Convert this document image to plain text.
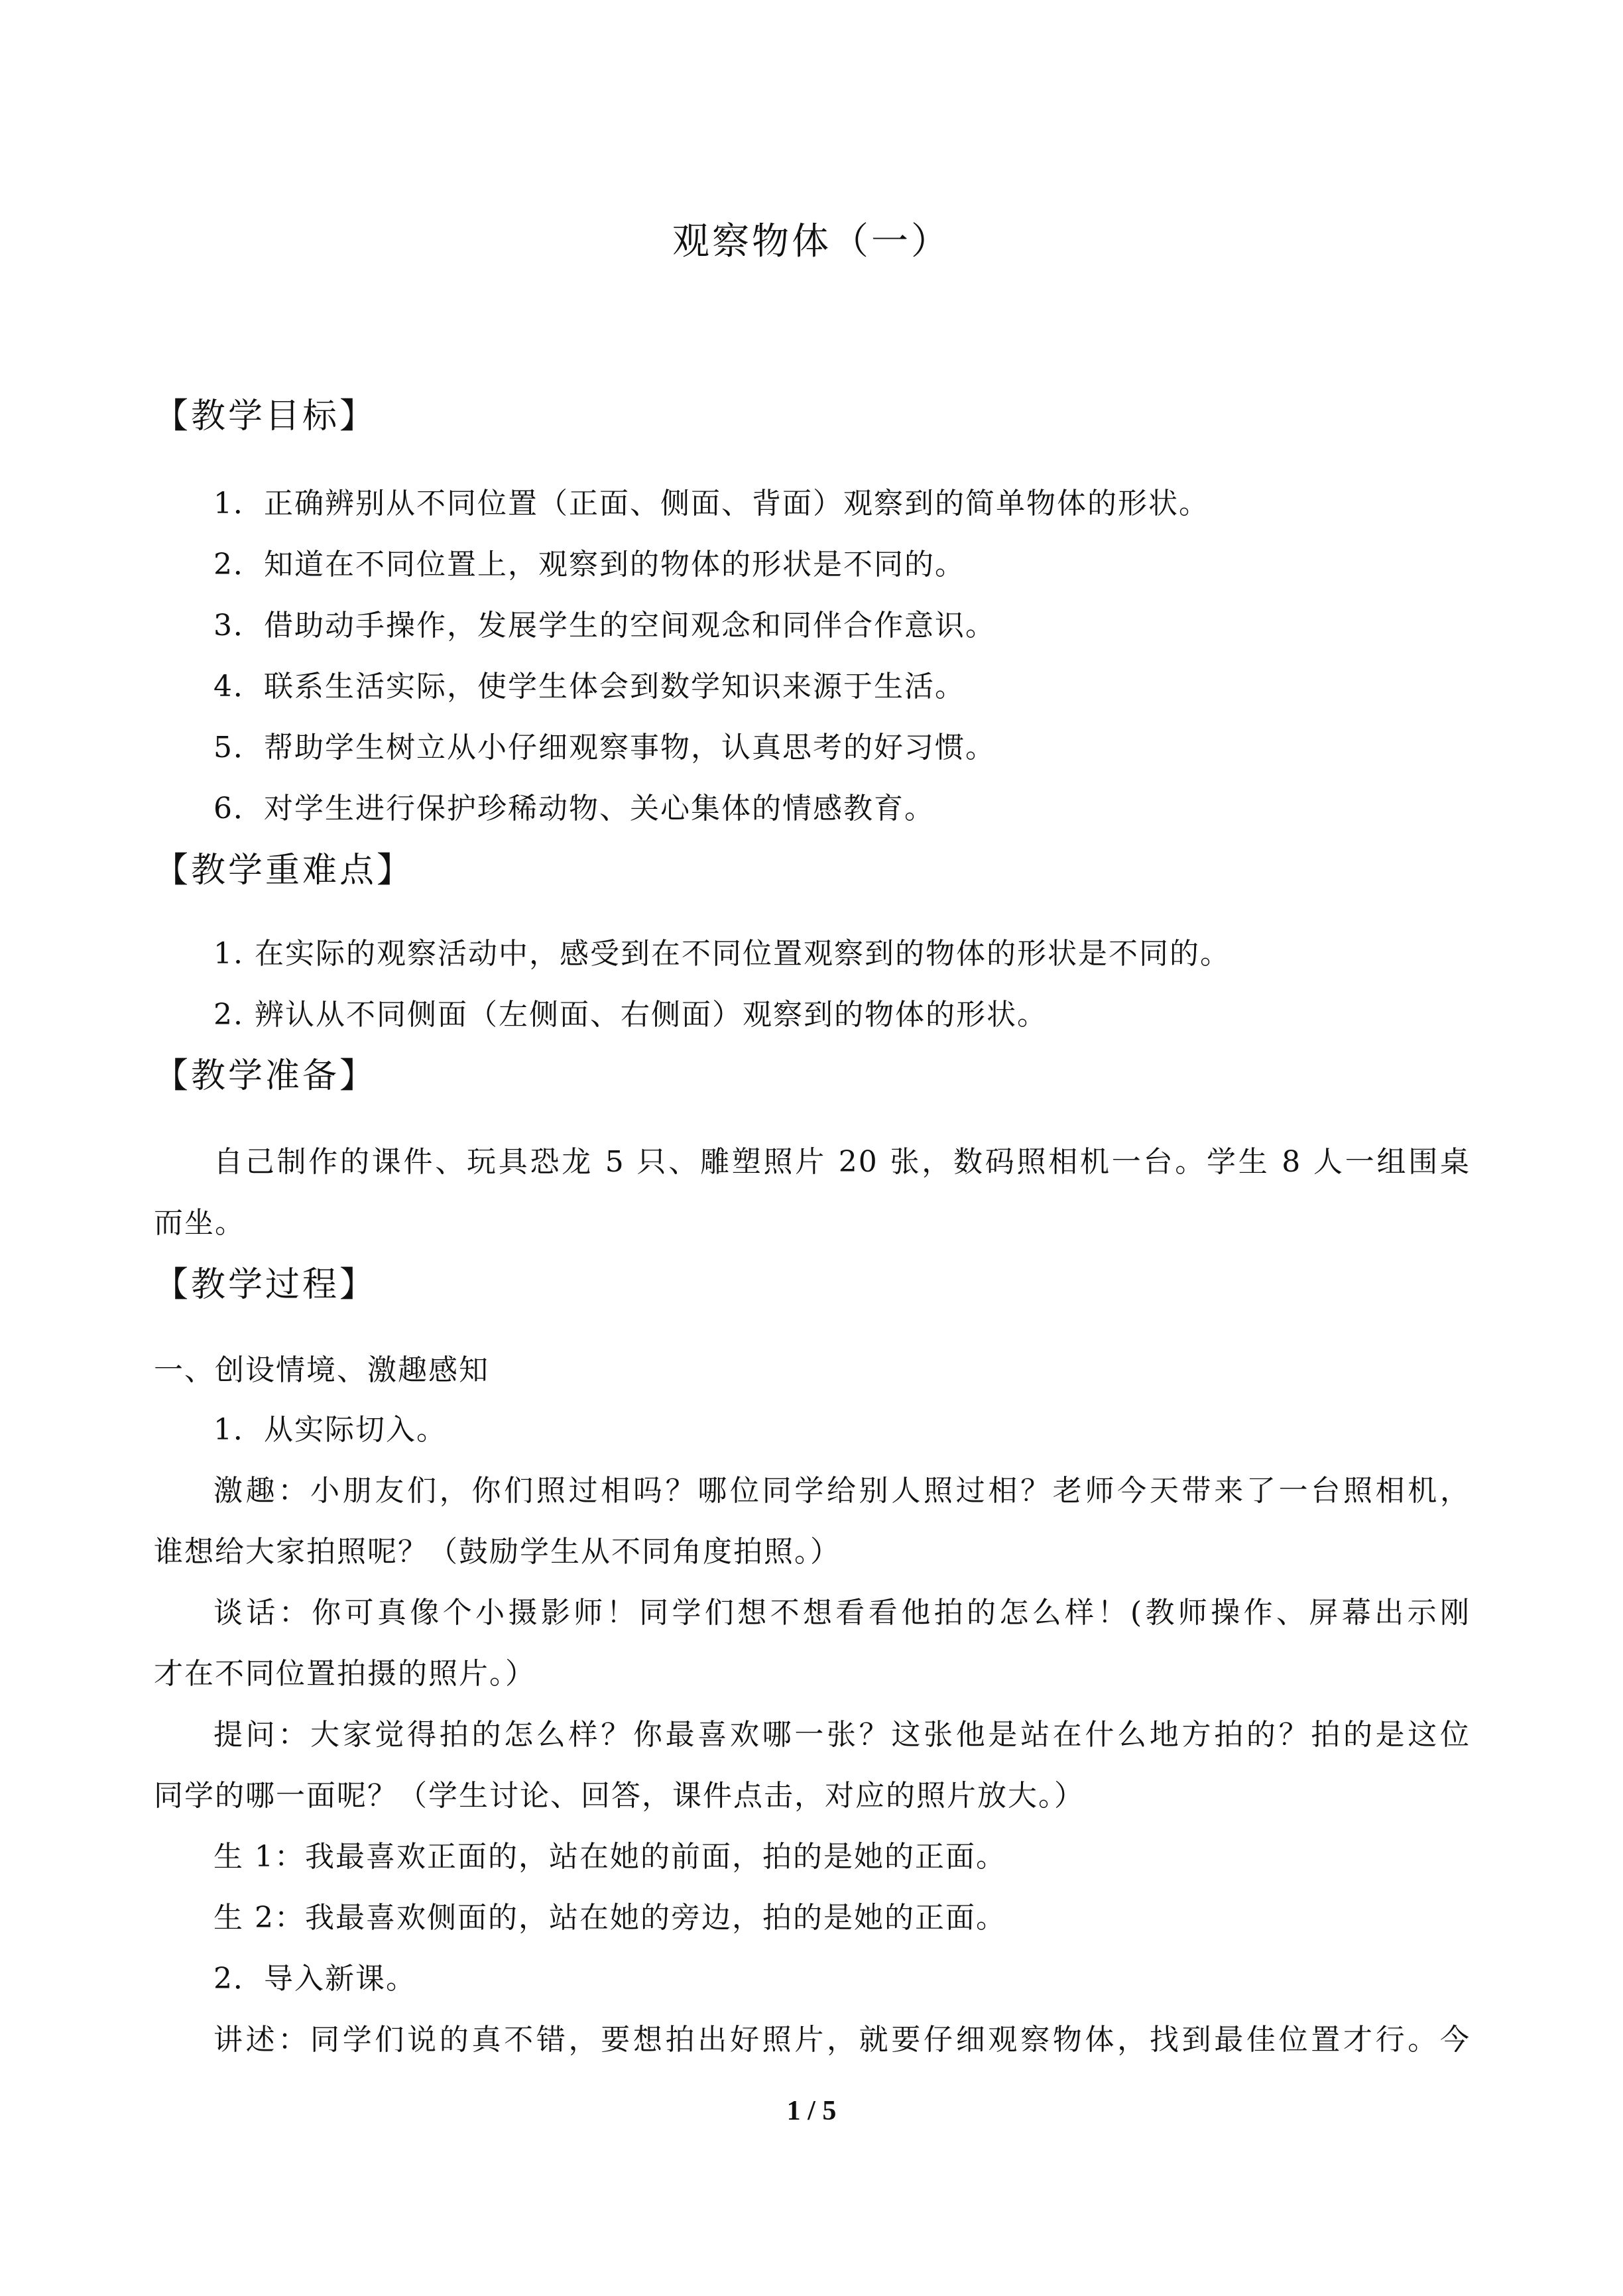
观察物体（一）
【教学目标】
1．正确辨别从不同位置（正面、侧面、背面）观察到的简单物体的形状。
2．知道在不同位置上，观察到的物体的形状是不同的。
3．借助动手操作，发展学生的空间观念和同伴合作意识。
4．联系生活实际，使学生体会到数学知识来源于生活。
5．帮助学生树立从小仔细观察事物，认真思考的好习惯。
6．对学生进行保护珍稀动物、关心集体的情感教育。
【教学重难点】
1. 在实际的观察活动中，感受到在不同位置观察到的物体的形状是不同的。
2. 辨认从不同侧面（左侧面、右侧面）观察到的物体的形状。
【教学准备】
自己制作的课件、玩具恐龙 5 只、雕塑照片 20 张，数码照相机一台。学生 8 人一组围桌
而坐。
【教学过程】
一、创设情境、激趣感知
1．从实际切入。
激趣：小朋友们，你们照过相吗？哪位同学给别人照过相？老师今天带来了一台照相机，
谁想给大家拍照呢？（鼓励学生从不同角度拍照。）
谈话：你可真像个小摄影师！同学们想不想看看他拍的怎么样！(教师操作、屏幕出示刚
才在不同位置拍摄的照片。）
提问：大家觉得拍的怎么样？你最喜欢哪一张？这张他是站在什么地方拍的？拍的是这位
同学的哪一面呢？（学生讨论、回答，课件点击，对应的照片放大。）
生 1：我最喜欢正面的，站在她的前面，拍的是她的正面。
生 2：我最喜欢侧面的，站在她的旁边，拍的是她的正面。
2．导入新课。
讲述：同学们说的真不错，要想拍出好照片，就要仔细观察物体，找到最佳位置才行。今
1 / 5
